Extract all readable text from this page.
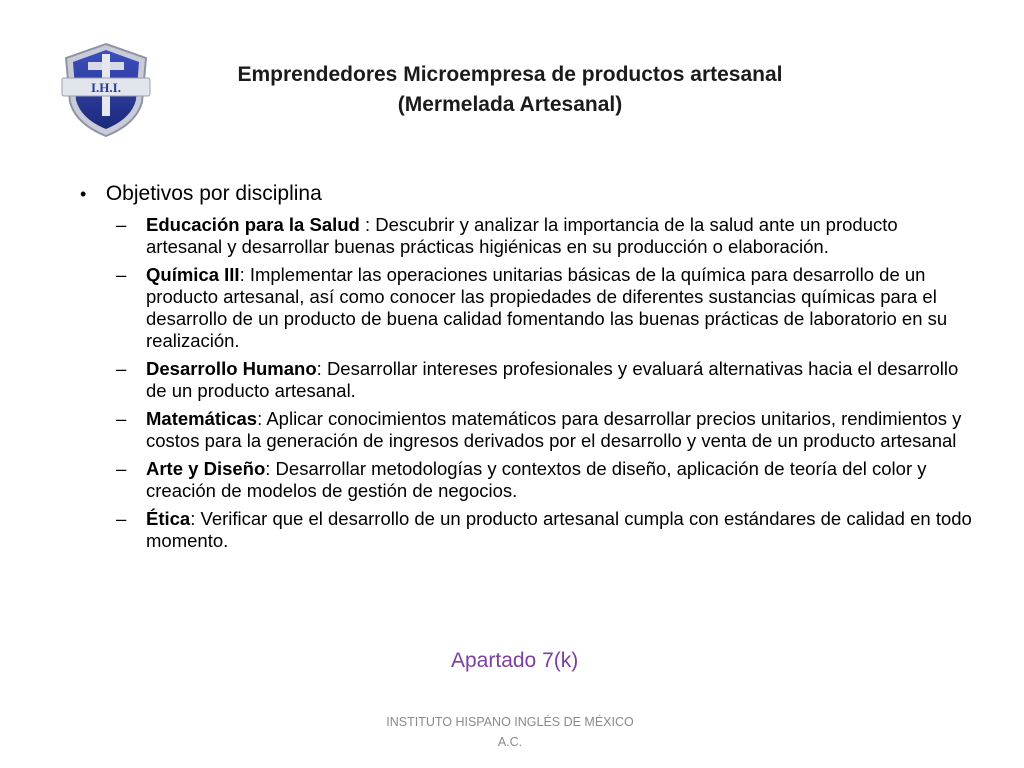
I.H.I.
Emprendedores Microempresa de productos artesanal
(Mermelada Artesanal)
• Objetivos por disciplina
– Educación para la Salud : Descubrir y analizar la importancia de la salud ante un producto artesanal y desarrollar buenas prácticas higiénicas en su producción o elaboración.
– Química III: Implementar las operaciones unitarias básicas de la química para desarrollo de un producto artesanal, así como conocer las propiedades de diferentes sustancias químicas para el desarrollo de un producto de buena calidad fomentando las buenas prácticas de laboratorio en su realización.
– Desarrollo Humano: Desarrollar intereses profesionales y evaluará alternativas hacia el desarrollo de un producto artesanal.
– Matemáticas: Aplicar conocimientos matemáticos para desarrollar precios unitarios, rendimientos y costos para la generación de ingresos derivados por el desarrollo y venta de un producto artesanal
– Arte y Diseño: Desarrollar metodologías y contextos de diseño, aplicación de teoría del color y creación de modelos de gestión de negocios.
– Ética: Verificar que el desarrollo de un producto artesanal cumpla con estándares de calidad en todo momento.
Apartado 7(k)
INSTITUTO HISPANO INGLÉS DE MÉXICO
A.C.
